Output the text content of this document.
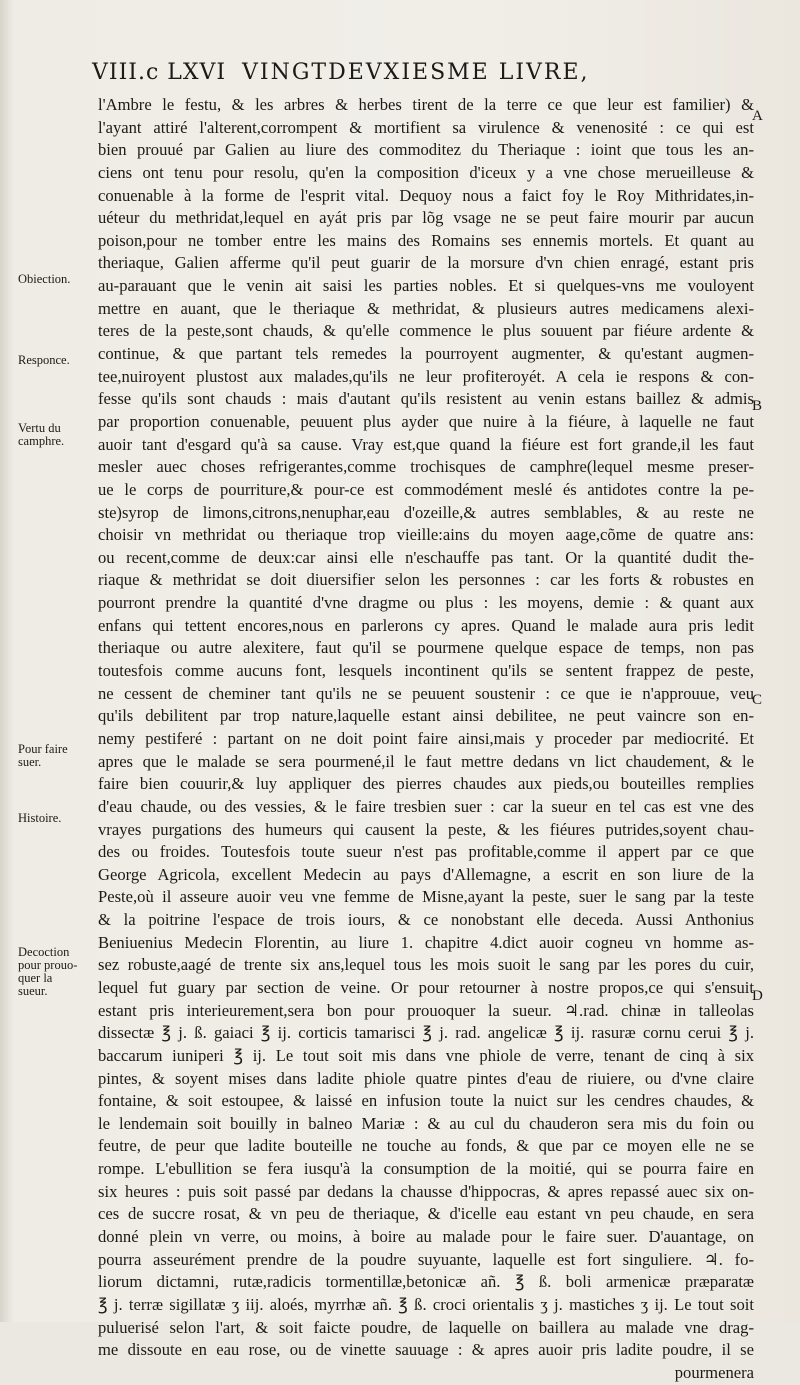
VIII.c LXVI VINGTDEVXIESME LIVRE,
l'Ambre le festu, & les arbres & herbes tirent de la terre ce que leur est familier) &
l'ayant attiré l'alterent,corrompent & mortifient sa virulence & venenosité : ce qui est
bien prouué par Galien au liure des commoditez du Theriaque : ioint que tous les an-
ciens ont tenu pour resolu, qu'en la composition d'iceux y a vne chose merueilleuse &
conuenable à la forme de l'esprit vital. Dequoy nous a faict foy le Roy Mithridates,in-
uéteur du methridat,lequel en ayát pris par lõg vsage ne se peut faire mourir par aucun
poison,pour ne tomber entre les mains des Romains ses ennemis mortels. Et quant au
theriaque, Galien afferme qu'il peut guarir de la morsure d'vn chien enragé, estant pris
au-parauant que le venin ait saisi les parties nobles. Et si quelques-vns me vouloyent
mettre en auant, que le theriaque & methridat, & plusieurs autres medicamens alexi-
teres de la peste,sont chauds, & qu'elle commence le plus souuent par fiéure ardente &
continue, & que partant tels remedes la pourroyent augmenter, & qu'estant augmen-
tee,nuiroyent plustost aux malades,qu'ils ne leur profiteroyét. A cela ie respons & con-
fesse qu'ils sont chauds : mais d'autant qu'ils resistent au venin estans baillez & admis
par proportion conuenable, peuuent plus ayder que nuire à la fiéure, à laquelle ne faut
auoir tant d'esgard qu'à sa cause. Vray est,que quand la fiéure est fort grande,il les faut
mesler auec choses refrigerantes,comme trochisques de camphre(lequel mesme preser-
ue le corps de pourriture,& pour-ce est commodément meslé és antidotes contre la pe-
ste)syrop de limons,citrons,nenuphar,eau d'ozeille,& autres semblables, & au reste ne
choisir vn methridat ou theriaque trop vieille:ains du moyen aage,cõme de quatre ans:
ou recent,comme de deux:car ainsi elle n'eschauffe pas tant. Or la quantité dudit the-
riaque & methridat se doit diuersifier selon les personnes : car les forts & robustes en
pourront prendre la quantité d'vne dragme ou plus : les moyens, demie : & quant aux
enfans qui tettent encores,nous en parlerons cy apres. Quand le malade aura pris ledit
theriaque ou autre alexitere, faut qu'il se pourmene quelque espace de temps, non pas
toutesfois comme aucuns font, lesquels incontinent qu'ils se sentent frappez de peste,
ne cessent de cheminer tant qu'ils ne se peuuent soustenir : ce que ie n'approuue, veu
qu'ils debilitent par trop nature,laquelle estant ainsi debilitee, ne peut vaincre son en-
nemy pestiferé : partant on ne doit point faire ainsi,mais y proceder par mediocrité. Et
apres que le malade se sera pourmené,il le faut mettre dedans vn lict chaudement, & le
faire bien couurir,& luy appliquer des pierres chaudes aux pieds,ou bouteilles remplies
d'eau chaude, ou des vessies, & le faire tresbien suer : car la sueur en tel cas est vne des
vrayes purgations des humeurs qui causent la peste, & les fiéures putrides,soyent chau-
des ou froides. Toutesfois toute sueur n'est pas profitable,comme il appert par ce que
George Agricola, excellent Medecin au pays d'Allemagne, a escrit en son liure de la
Peste,où il asseure auoir veu vne femme de Misne,ayant la peste, suer le sang par la teste
& la poitrine l'espace de trois iours, & ce nonobstant elle deceda. Aussi Anthonius
Beniuenius Medecin Florentin, au liure 1. chapitre 4.dict auoir cogneu vn homme as-
sez robuste,aagé de trente six ans,lequel tous les mois suoit le sang par les pores du cuir,
lequel fut guary par section de veine. Or pour retourner à nostre propos,ce qui s'ensuit
estant pris interieurement,sera bon pour prouoquer la sueur. ♃.rad. chinæ in talleolas
dissectæ ℥ j. ß. gaiaci ℥ ij. corticis tamarisci ℥ j. rad. angelicæ ℥ ij. rasuræ cornu cerui ℥ j.
baccarum iuniperi ℥ ij. Le tout soit mis dans vne phiole de verre, tenant de cinq à six
pintes, & soyent mises dans ladite phiole quatre pintes d'eau de riuiere, ou d'vne claire
fontaine, & soit estoupee, & laissé en infusion toute la nuict sur les cendres chaudes, &
le lendemain soit bouilly in balneo Mariæ : & au cul du chauderon sera mis du foin ou
feutre, de peur que ladite bouteille ne touche au fonds, & que par ce moyen elle ne se
rompe. L'ebullition se fera iusqu'à la consumption de la moitié, qui se pourra faire en
six heures : puis soit passé par dedans la chausse d'hippocras, & apres repassé auec six on-
ces de succre rosat, & vn peu de theriaque, & d'icelle eau estant vn peu chaude, en sera
donné plein vn verre, ou moins, à boire au malade pour le faire suer. D'auantage, on
pourra asseurément prendre de la poudre suyuante, laquelle est fort singuliere. ♃. fo-
liorum dictamni, rutæ,radicis tormentillæ,betonicæ añ. ℥ ß. boli armenicæ præparatæ
℥ j. terræ sigillatæ ʒ iij. aloés, myrrhæ añ. ℥ ß. croci orientalis ʒ j. mastiches ʒ ij. Le tout soit
puluerisé selon l'art, & soit faicte poudre, de laquelle on baillera au malade vne drag-
me dissoute en eau rose, ou de vinette sauuage : & apres auoir pris ladite poudre, il se
pourmenera
Obiection.
Responce.
Vertu du
camphre.
Pour faire
suer.
Histoire.
Decoction
pour prouo-
quer la
sueur.
A
B
C
D
